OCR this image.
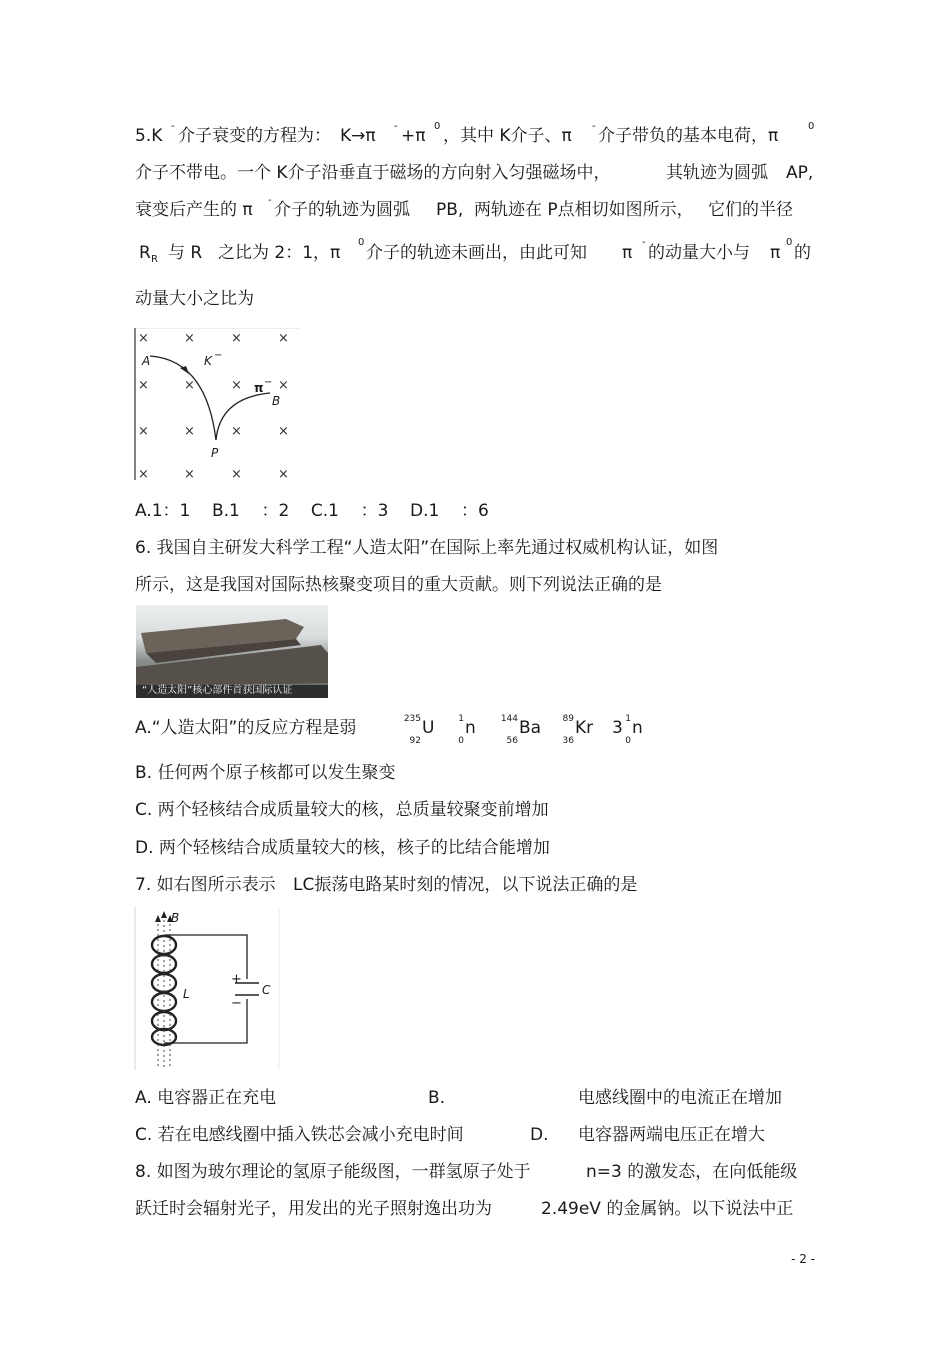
5.K - 介子衰变的方程为： K→π - +π 0 ，其中 K介子、π - 介子带负的基本电荷，π	0
介子不带电。一个 K介子沿垂直于磁场的方向射入匀强磁场中，	其轨迹为圆弧 AP,
衰变后产生的 π - 介子的轨迹为圆弧 PB, 两轨迹在 P点相切如图所示， 它们的半径
R R 与 R 之比为 2：1，π
0
介子的轨迹未画出，由此可知 π
-
的动量大小与 π
0
的
动量大小之比为
×	×	×	×
×	×	×	×
×	×	×	×
×	×	×	×
A	K −
π −
B
P
A.1：1    B.1    ：2    C.1    ：3    D.1    ：6
6. 我国自主研发大科学工程“人造太阳”在国际上率先通过权威机构认证，如图
所示，这是我国对国际热核聚变项目的重大贡献。则下列说法正确的是
“人造太阳”核心部件首获国际认证
A.“人造太阳”的反应方程是弱	235
92
U	1
0
n	144
56
Ba 89
36
Kr 3 1
0
n
B. 任何两个原子核都可以发生聚变
C. 两个轻核结合成质量较大的核，总质量较聚变前增加
D. 两个轻核结合成质量较大的核，核子的比结合能增加
7. 如右图所示表示 LC振荡电路某时刻的情况，以下说法正确的是
B
L
+
−
C
A. 电容器正在充电	B.	电感线圈中的电流正在增加
C. 若在电感线圈中插入铁芯会减小充电时间	D. 电容器两端电压正在增大
8. 如图为玻尔理论的氢原子能级图，一群氢原子处于	n=3 的激发态，在向低能级
跃迁时会辐射光子，用发出的光子照射逸出功为	2.49eV 的金属钠。以下说法中正
- 2 -
